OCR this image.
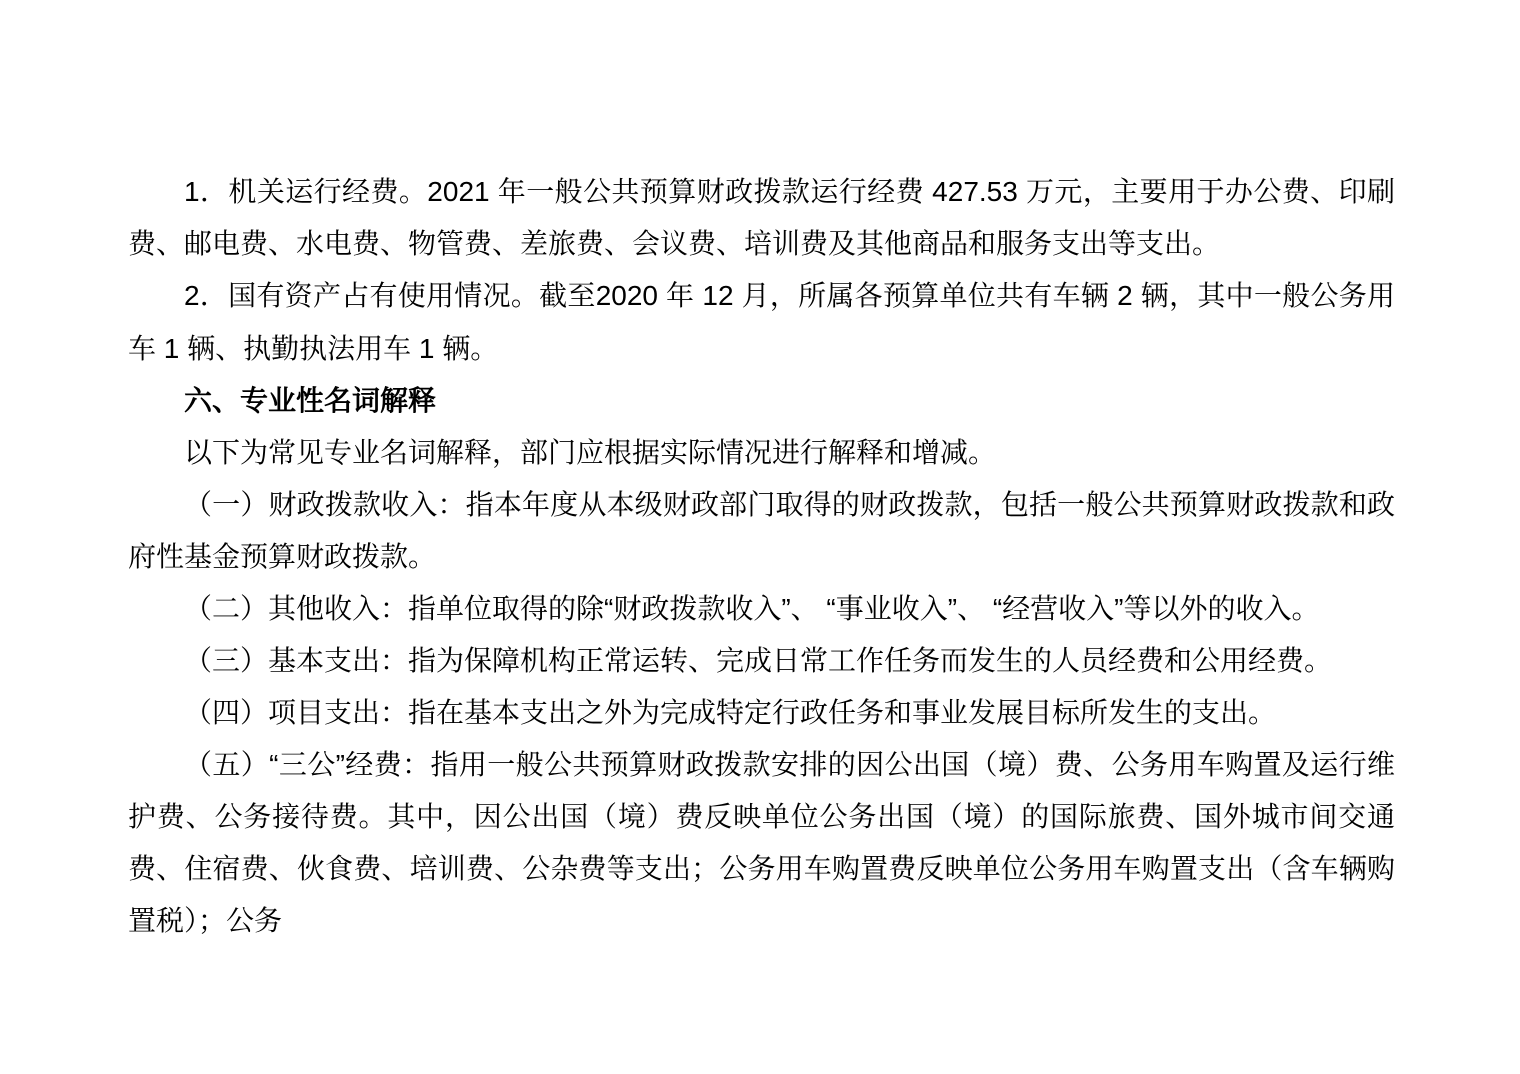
1．机关运行经费。2021 年一般公共预算财政拨款运行经费 427.53 万元，主要用于办公费、印刷费、邮电费、水电费、物管费、差旅费、会议费、培训费及其他商品和服务支出等支出。

2．国有资产占有使用情况。截至2020 年 12 月，所属各预算单位共有车辆 2 辆，其中一般公务用车 1 辆、执勤执法用车 1 辆。

六、专业性名词解释

以下为常见专业名词解释，部门应根据实际情况进行解释和增减。

（一）财政拨款收入：指本年度从本级财政部门取得的财政拨款，包括一般公共预算财政拨款和政府性基金预算财政拨款。

（二）其他收入：指单位取得的除“财政拨款收入”、 “事业收入”、 “经营收入”等以外的收入。

（三）基本支出：指为保障机构正常运转、完成日常工作任务而发生的人员经费和公用经费。

（四）项目支出：指在基本支出之外为完成特定行政任务和事业发展目标所发生的支出。

（五）“三公”经费：指用一般公共预算财政拨款安排的因公出国（境）费、公务用车购置及运行维护费、公务接待费。其中，因公出国（境）费反映单位公务出国（境）的国际旅费、国外城市间交通费、住宿费、伙食费、培训费、公杂费等支出；公务用车购置费反映单位公务用车购置支出（含车辆购置税）；公务
